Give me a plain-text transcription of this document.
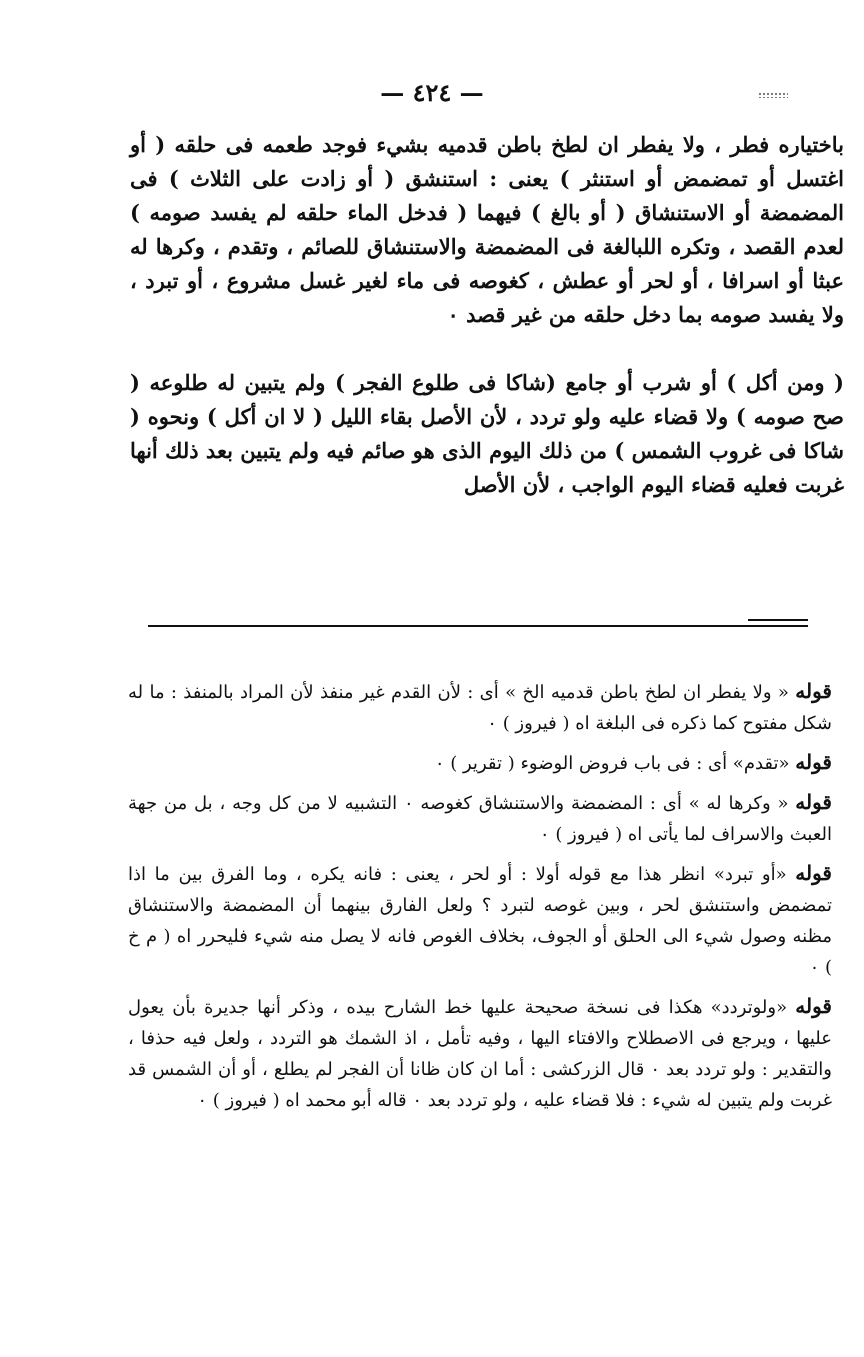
— ٤٢٤ —

باختياره فطر ، ولا يفطر ان لطخ باطن قدميه بشيء فوجد طعمه فى حلقه ( أو اغتسل أو تمضمض أو استنثر ) يعنى : استنشق ( أو زادت على الثلاث ) فى المضمضة أو الاستنشاق ( أو بالغ ) فيهما ( فدخل الماء حلقه لم يفسد صومه ) لعدم القصد ، وتكره اللبالغة فى المضمضة والاستنشاق للصائم ، وتقدم ، وكرها له عبثا أو اسرافا ، أو لحر أو عطش ، كغوصه فى ماء لغير غسل مشروع ، أو تبرد ، ولا يفسد صومه بما دخل حلقه من غير قصد ٠

( ومن أكل ) أو شرب أو جامع (شاكا فى طلوع الفجر ) ولم يتبين له طلوعه ( صح صومه ) ولا قضاء عليه ولو تردد ، لأن الأصل بقاء الليل ( لا ان أكل ) ونحوه ( شاكا فى غروب الشمس ) من ذلك اليوم الذى هو صائم فيه ولم يتبين بعد ذلك أنها غربت فعليه قضاء اليوم الواجب ، لأن الأصل

قوله « ولا يفطر ان لطخ باطن قدميه الخ » أى : لأن القدم غير منفذ لأن المراد بالمنفذ : ما له شكل مفتوح كما ذكره فى البلغة اه ( فيروز ) ٠

قوله «تقدم» أى : فى باب فروض الوضوء ( تقرير ) ٠

قوله « وكرها له » أى : المضمضة والاستنشاق كغوصه ٠ التشبيه لا من كل وجه ، بل من جهة العبث والاسراف لما يأتى اه ( فيروز ) ٠

قوله «أو تبرد» انظر هذا مع قوله أولا : أو لحر ، يعنى : فانه يكره ، وما الفرق بين ما اذا تمضمض واستنشق لحر ، وبين غوصه لتبرد ؟ ولعل الفارق بينهما أن المضمضة والاستنشاق مظنه وصول شيء الى الحلق أو الجوف، بخلاف الغوص فانه لا يصل منه شيء فليحرر اه ( م خ ) ٠

قوله «ولوتردد» هكذا فى نسخة صحيحة عليها خط الشارح بيده ، وذكر أنها جديرة بأن يعول عليها ، ويرجع فى الاصطلاح والافتاء اليها ، وفيه تأمل ، اذ الشمك هو التردد ، ولعل فيه حذفا ، والتقدير : ولو تردد بعد ٠ قال الزركشى : أما ان كان ظانا أن الفجر لم يطلع ، أو أن الشمس قد غربت ولم يتبين له شيء : فلا قضاء عليه ، ولو تردد بعد ٠ قاله أبو محمد اه ( فيروز ) ٠
